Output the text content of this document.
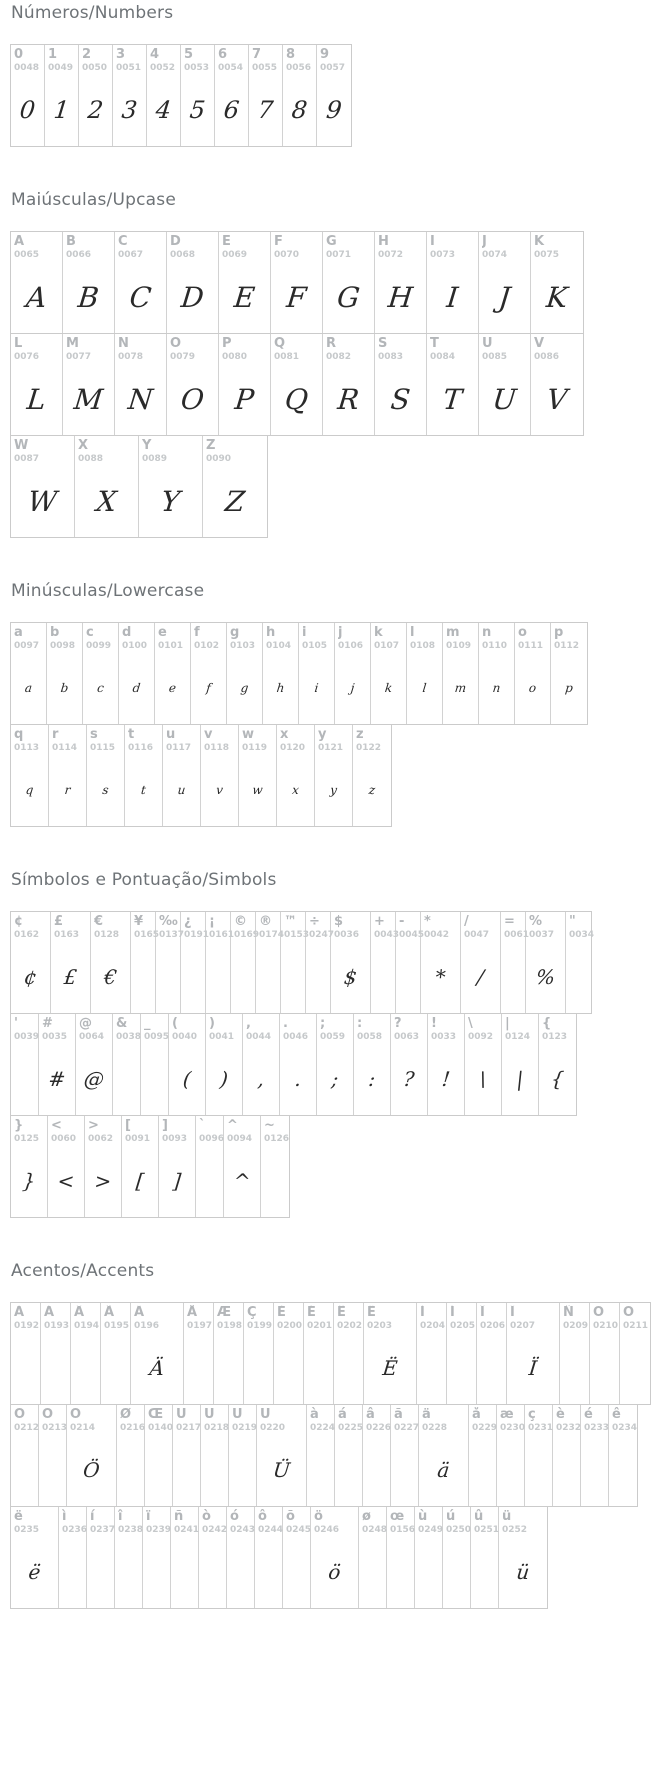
Números/Numbers
0
0048
0
1
0049
1
2
0050
2
3
0051
3
4
0052
4
5
0053
5
6
0054
6
7
0055
7
8
0056
8
9
0057
9
Maiúsculas/Upcase
A
0065
A
B
0066
B
C
0067
C
D
0068
D
E
0069
E
F
0070
F
G
0071
G
H
0072
H
I
0073
I
J
0074
J
K
0075
K
L
0076
L
M
0077
M
N
0078
N
O
0079
O
P
0080
P
Q
0081
Q
R
0082
R
S
0083
S
T
0084
T
U
0085
U
V
0086
V
W
0087
W
X
0088
X
Y
0089
Y
Z
0090
Z
Minúsculas/Lowercase
a
0097
a
b
0098
b
c
0099
c
d
0100
d
e
0101
e
f
0102
f
g
0103
g
h
0104
h
i
0105
i
j
0106
j
k
0107
k
l
0108
l
m
0109
m
n
0110
n
o
0111
o
p
0112
p
q
0113
q
r
0114
r
s
0115
s
t
0116
t
u
0117
u
v
0118
v
w
0119
w
x
0120
x
y
0121
y
z
0122
z
Símbolos e Pontuação/Simbols
¢
0162
¢
£
0163
£
€
0128
€
¥
0165
‰
0137
¿
0191
¡
0161
©
0169
®
0174
™
0153
÷
0247
$
0036
$
+
0043
-
0045
*
0042
*
/
0047
/
=
0061
%
0037
%
"
0034
'
0039
#
0035
#
@
0064
@
&
0038
_
0095
(
0040
(
)
0041
)
,
0044
,
.
0046
.
;
0059
;
:
0058
:
?
0063
?
!
0033
!
\
0092
\
|
0124
|
{
0123
{
}
0125
}
<
0060
<
>
0062
>
[
0091
[
]
0093
]
`
0096
^
0094
^
~
0126
Acentos/Accents
À
0192
Á
0193
Â
0194
Ã
0195
Ä
0196
Ä
Å
0197
Æ
0198
Ç
0199
È
0200
É
0201
Ê
0202
Ë
0203
Ë
Ì
0204
Í
0205
Î
0206
Ï
0207
Ï
Ñ
0209
Ò
0210
Ó
0211
Ô
0212
Õ
0213
Ö
0214
Ö
Ø
0216
Œ
0140
Ù
0217
Ú
0218
Û
0219
Ü
0220
Ü
à
0224
á
0225
â
0226
ã
0227
ä
0228
ä
å
0229
æ
0230
ç
0231
è
0232
é
0233
ê
0234
ë
0235
ë
ì
0236
í
0237
î
0238
ï
0239
ñ
0241
ò
0242
ó
0243
ô
0244
õ
0245
ö
0246
ö
ø
0248
œ
0156
ù
0249
ú
0250
û
0251
ü
0252
ü
